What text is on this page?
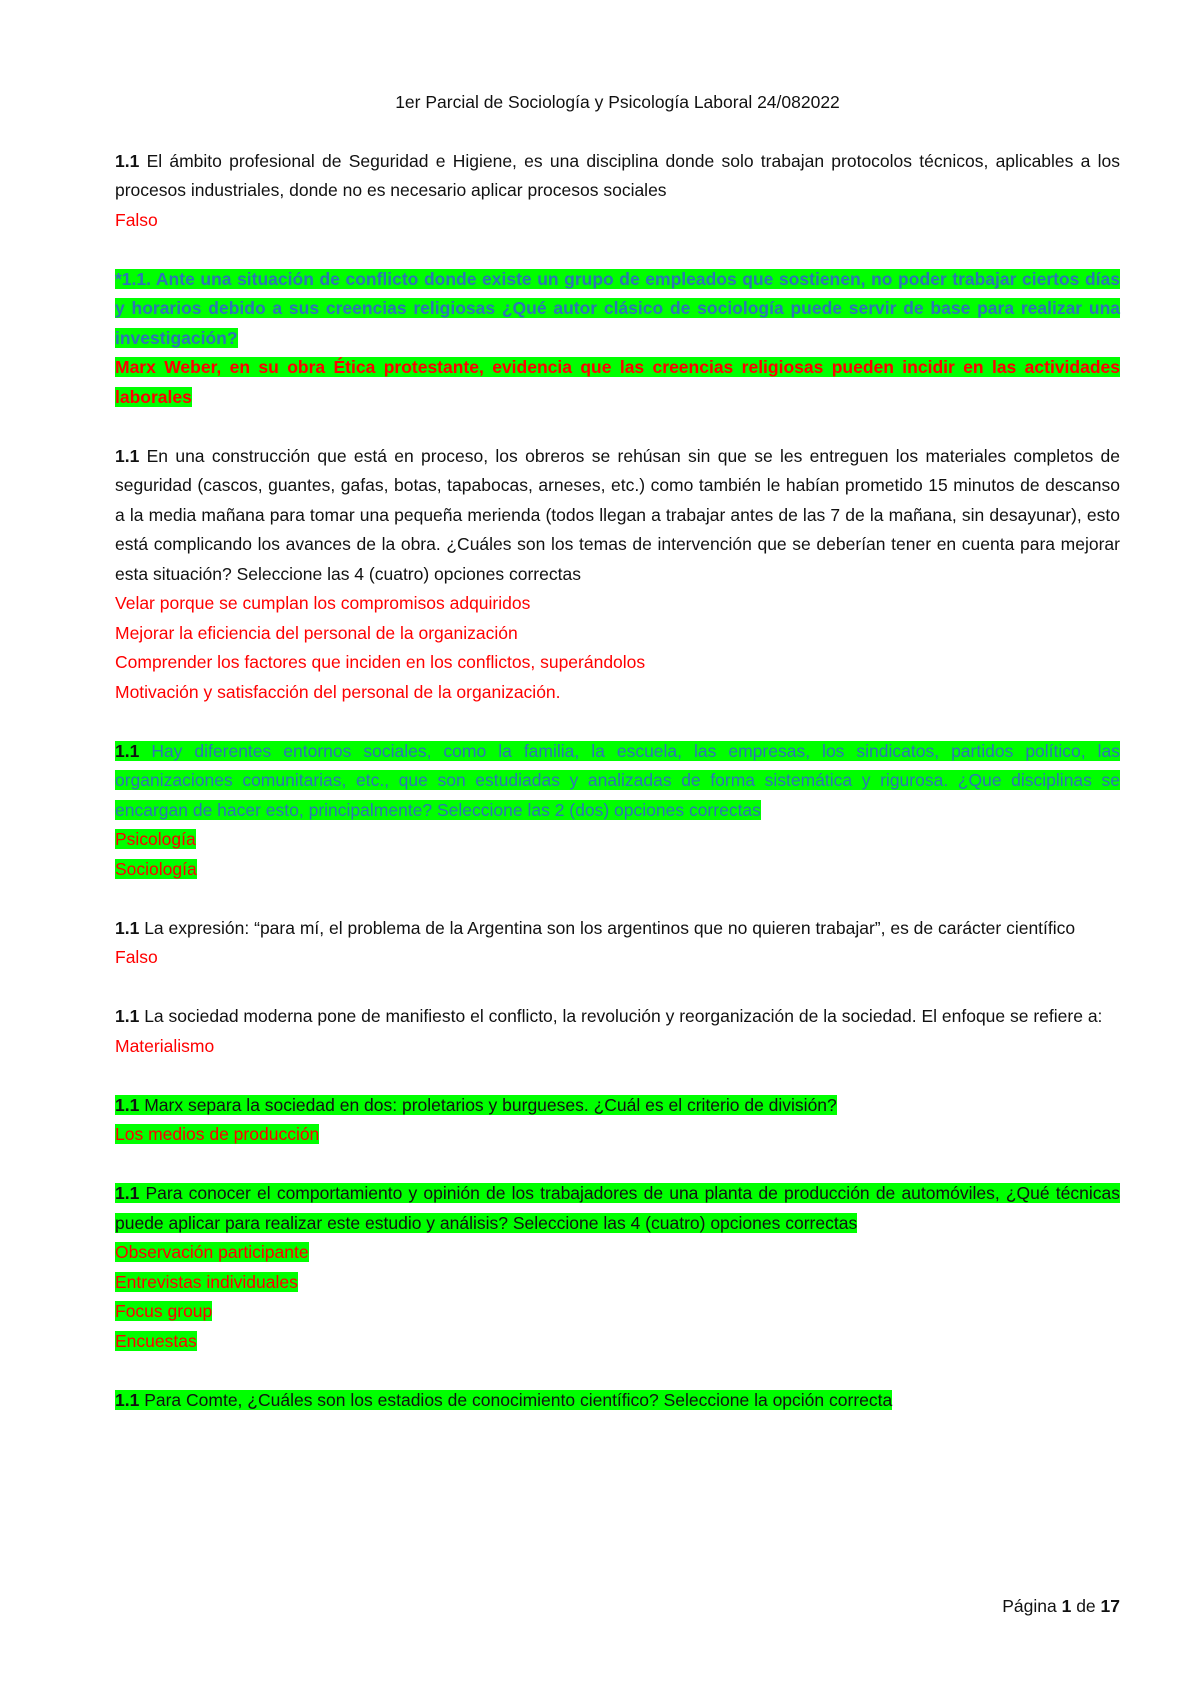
1er Parcial de Sociología y Psicología Laboral 24/082022

1.1 El ámbito profesional de Seguridad e Higiene, es una disciplina donde solo trabajan protocolos técnicos, aplicables a los procesos industriales, donde no es necesario aplicar procesos sociales

Falso

*1.1. Ante una situación de conflicto donde existe un grupo de empleados que sostienen, no poder trabajar ciertos días y horarios debido a sus creencias religiosas ¿Qué autor clásico de sociología puede servir de base para realizar una investigación?

Marx Weber, en su obra Ética protestante, evidencia que las creencias religiosas pueden incidir en las actividades laborales

1.1 En una construcción que está en proceso, los obreros se rehúsan sin que se les entreguen los materiales completos de seguridad (cascos, guantes, gafas, botas, tapabocas, arneses, etc.) como también le habían prometido 15 minutos de descanso a la media mañana para tomar una pequeña merienda (todos llegan a trabajar antes de las 7 de la mañana, sin desayunar), esto está complicando los avances de la obra. ¿Cuáles son los temas de intervención que se deberían tener en cuenta para mejorar esta situación? Seleccione las 4 (cuatro) opciones correctas

Velar porque se cumplan los compromisos adquiridos

Mejorar la eficiencia del personal de la organización

Comprender los factores que inciden en los conflictos, superándolos

Motivación y satisfacción del personal de la organización.

1.1 Hay diferentes entornos sociales, como la familia, la escuela, las empresas, los sindicatos, partidos político, las organizaciones comunitarias, etc., que son estudiadas y analizadas de forma sistemática y rigurosa. ¿Que disciplinas se encargan de hacer esto, principalmente? Seleccione las 2 (dos) opciones correctas

Psicología

Sociología

1.1 La expresión: “para mí, el problema de la Argentina son los argentinos que no quieren trabajar”, es de carácter científico

Falso

1.1 La sociedad moderna pone de manifiesto el conflicto, la revolución y reorganización de la sociedad. El enfoque se refiere a:

Materialismo

1.1 Marx separa la sociedad en dos: proletarios y burgueses. ¿Cuál es el criterio de división?

Los medios de producción

1.1 Para conocer el comportamiento y opinión de los trabajadores de una planta de producción de automóviles, ¿Qué técnicas puede aplicar para realizar este estudio y análisis? Seleccione las 4 (cuatro) opciones correctas

Observación participante

Entrevistas individuales

Focus group

Encuestas

1.1 Para Comte, ¿Cuáles son los estadios de conocimiento científico? Seleccione la opción correcta

Página 1 de 17
